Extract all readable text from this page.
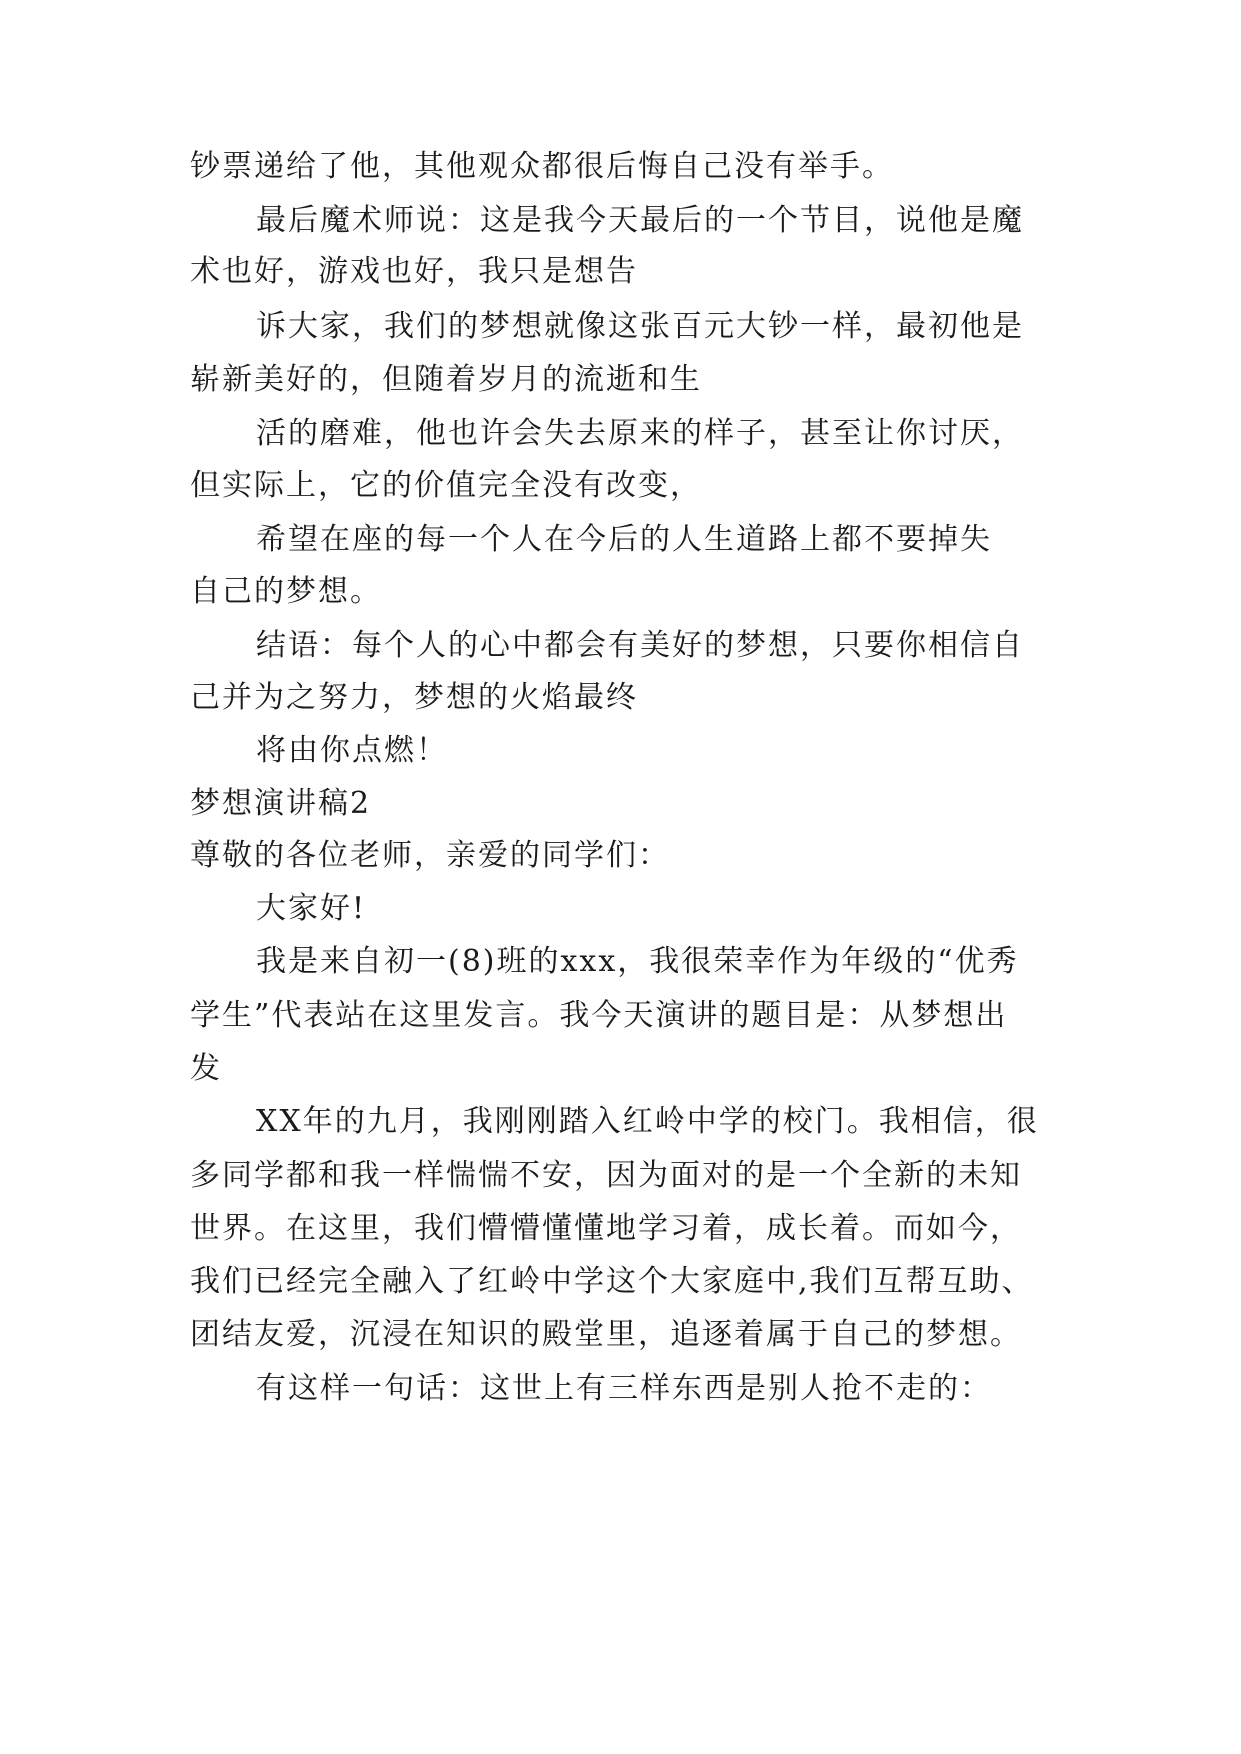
钞票递给了他，其他观众都很后悔自己没有举手。
最后魔术师说：这是我今天最后的一个节目，说他是魔
术也好，游戏也好，我只是想告
诉大家，我们的梦想就像这张百元大钞一样，最初他是
崭新美好的，但随着岁月的流逝和生
活的磨难，他也许会失去原来的样子，甚至让你讨厌，
但实际上，它的价值完全没有改变，
希望在座的每一个人在今后的人生道路上都不要掉失
自己的梦想。
结语：每个人的心中都会有美好的梦想，只要你相信自
己并为之努力，梦想的火焰最终
将由你点燃！
梦想演讲稿2
尊敬的各位老师，亲爱的同学们：
大家好!
我是来自初一(8)班的xxx，我很荣幸作为年级的“优秀
学生”代表站在这里发言。我今天演讲的题目是：从梦想出
发
XX年的九月，我刚刚踏入红岭中学的校门。我相信，很
多同学都和我一样惴惴不安，因为面对的是一个全新的未知
世界。在这里，我们懵懵懂懂地学习着，成长着。而如今，
我们已经完全融入了红岭中学这个大家庭中,我们互帮互助、
团结友爱，沉浸在知识的殿堂里，追逐着属于自己的梦想。
有这样一句话：这世上有三样东西是别人抢不走的：
